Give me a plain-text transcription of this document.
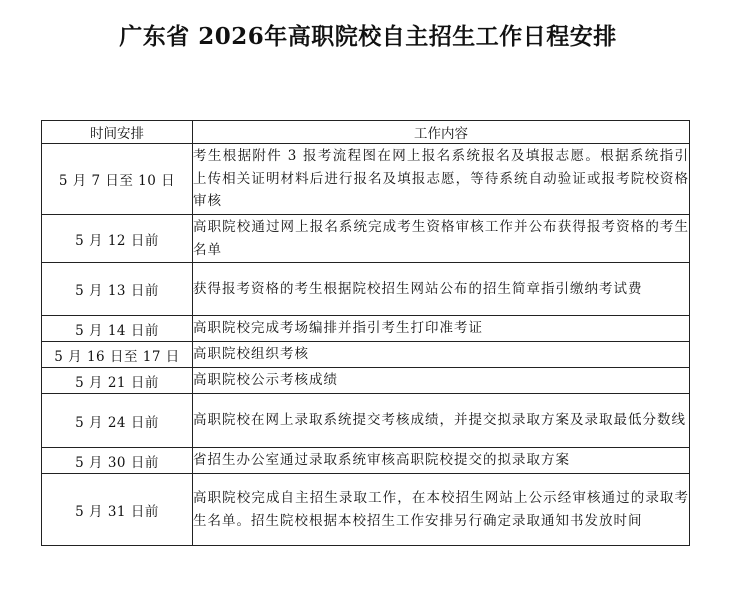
广东省 2026年高职院校自主招生工作日程安排
时间安排	工作内容
5 月 7 日至 10 日	考生根据附件 3 报考流程图在网上报名系统报名及填报志愿。根据系统指引上传相关证明材料后进行报名及填报志愿，等待系统自动验证或报考院校资格审核
5 月 12 日前	高职院校通过网上报名系统完成考生资格审核工作并公布获得报考资格的考生名单
5 月 13 日前	获得报考资格的考生根据院校招生网站公布的招生简章指引缴纳考试费
5 月 14 日前	高职院校完成考场编排并指引考生打印准考证
5 月 16 日至 17 日	高职院校组织考核
5 月 21 日前	高职院校公示考核成绩
5 月 24 日前	高职院校在网上录取系统提交考核成绩，并提交拟录取方案及录取最低分数线
5 月 30 日前	省招生办公室通过录取系统审核高职院校提交的拟录取方案
5 月 31 日前	高职院校完成自主招生录取工作，在本校招生网站上公示经审核通过的录取考生名单。招生院校根据本校招生工作安排另行确定录取通知书发放时间
